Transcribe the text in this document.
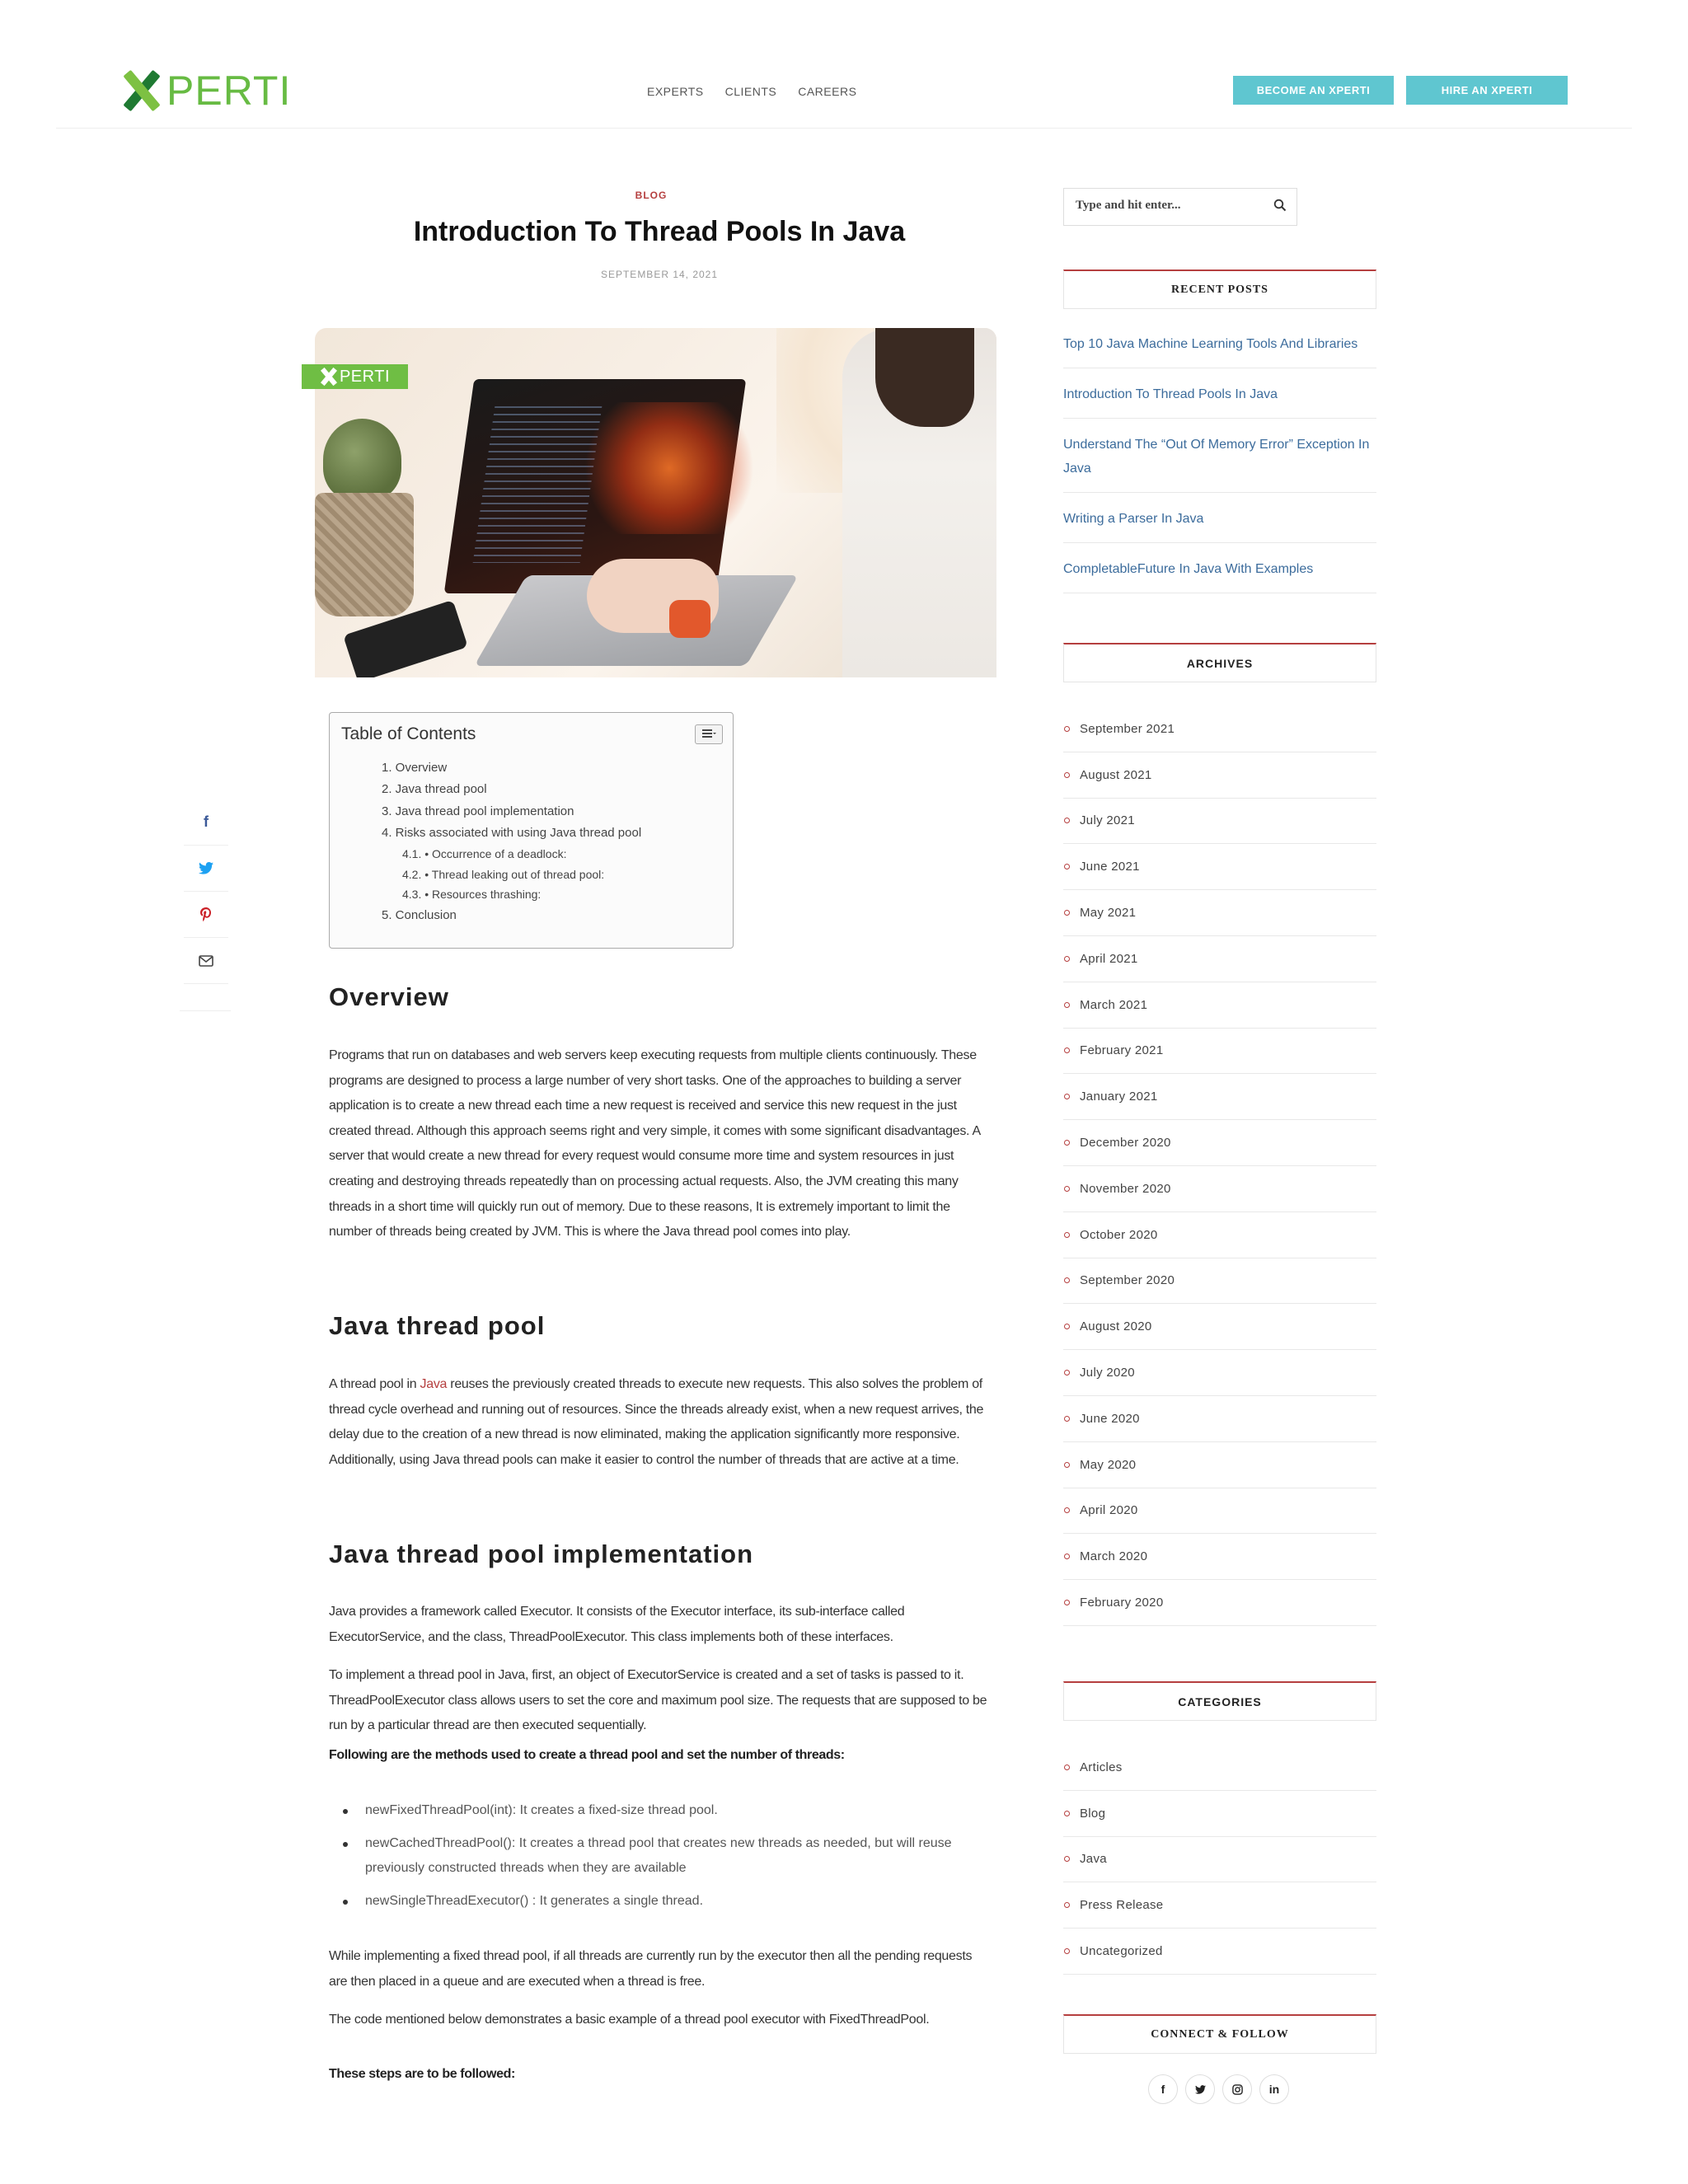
PERTI	EXPERTS CLIENTS CAREERS	BECOME AN XPERTI	HIRE AN XPERTI
BLOG
Introduction To Thread Pools In Java
SEPTEMBER 14, 2021
PERTI
f
Table of Contents
1. Overview
2. Java thread pool
3. Java thread pool implementation
4. Risks associated with using Java thread pool
4.1. • Occurrence of a deadlock:
4.2. • Thread leaking out of thread pool:
4.3. • Resources thrashing:
5. Conclusion
Overview

Programs that run on databases and web servers keep executing requests from multiple clients continuously. These programs are designed to process a large number of very short tasks. One of the approaches to building a server application is to create a new thread each time a new request is received and service this new request in the just created thread. Although this approach seems right and very simple, it comes with some significant disadvantages. A server that would create a new thread for every request would consume more time and system resources in just creating and destroying threads repeatedly than on processing actual requests. Also, the JVM creating this many threads in a short time will quickly run out of memory. Due to these reasons, It is extremely important to limit the number of threads being created by JVM. This is where the Java thread pool comes into play.

Java thread pool

A thread pool in Java reuses the previously created threads to execute new requests. This also solves the problem of thread cycle overhead and running out of resources. Since the threads already exist, when a new request arrives, the delay due to the creation of a new thread is now eliminated, making the application significantly more responsive. Additionally, using Java thread pools can make it easier to control the number of threads that are active at a time.

Java thread pool implementation

Java provides a framework called Executor. It consists of the Executor interface, its sub-interface called ExecutorService, and the class, ThreadPoolExecutor. This class implements both of these interfaces.

To implement a thread pool in Java, first, an object of ExecutorService is created and a set of tasks is passed to it. ThreadPoolExecutor class allows users to set the core and maximum pool size. The requests that are supposed to be run by a particular thread are then executed sequentially.

Following are the methods used to create a thread pool and set the number of threads:
newFixedThreadPool(int): It creates a fixed-size thread pool.
newCachedThreadPool(): It creates a thread pool that creates new threads as needed, but will reuse previously constructed threads when they are available
newSingleThreadExecutor() : It generates a single thread.

While implementing a fixed thread pool, if all threads are currently run by the executor then all the pending requests are then placed in a queue and are executed when a thread is free.

The code mentioned below demonstrates a basic example of a thread pool executor with FixedThreadPool.

These steps are to be followed:
Type and hit enter...
RECENT POSTS
Top 10 Java Machine Learning Tools And Libraries
Introduction To Thread Pools In Java
Understand The “Out Of Memory Error” Exception In Java
Writing a Parser In Java
CompletableFuture In Java With Examples
ARCHIVES
September 2021
August 2021
July 2021
June 2021
May 2021
April 2021
March 2021
February 2021
January 2021
December 2020
November 2020
October 2020
September 2020
August 2020
July 2020
June 2020
May 2020
April 2020
March 2020
February 2020
CATEGORIES
Articles
Blog
Java
Press Release
Uncategorized
CONNECT & FOLLOW
f	in
